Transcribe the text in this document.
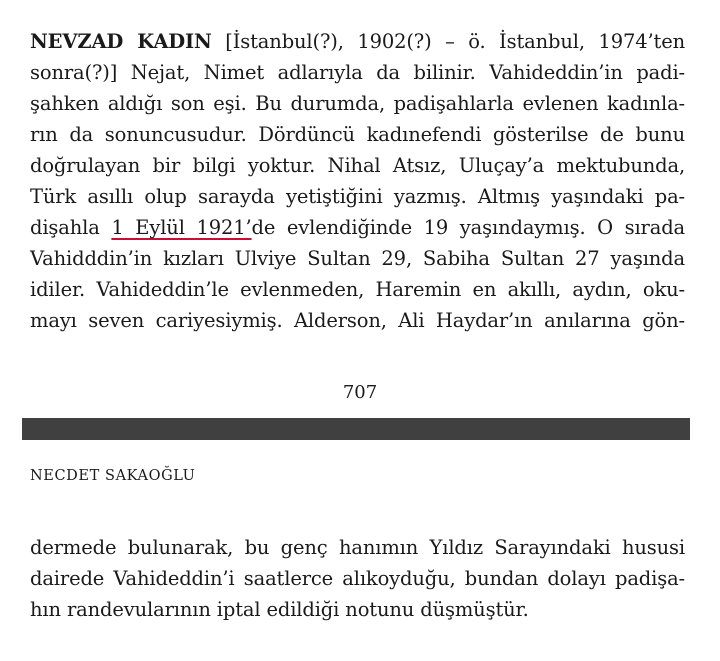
NEVZAD KADIN [İstanbul(?), 1902(?) – ö. İstanbul, 1974’ten
sonra(?)] Nejat, Nimet adlarıyla da bilinir. Vahideddin’in padi-
şahken aldığı son eşi. Bu durumda, padişahlarla evlenen kadınla-
rın da sonuncusudur. Dördüncü kadınefendi gösterilse de bunu
doğrulayan bir bilgi yoktur. Nihal Atsız, Uluçay’a mektubunda,
Türk asıllı olup sarayda yetiştiğini yazmış. Altmış yaşındaki pa-
dişahla 1 Eylül 1921’de evlendiğinde 19 yaşındaymış. O sırada
Vahidddin’in kızları Ulviye Sultan 29, Sabiha Sultan 27 yaşında
idiler. Vahideddin’le evlenmeden, Haremin en akıllı, aydın, oku-
mayı seven cariyesiymiş. Alderson, Ali Haydar’ın anılarına gön-
707
NECDET SAKAOĞLU
dermede bulunarak, bu genç hanımın Yıldız Sarayındaki hususi
dairede Vahideddin’i saatlerce alıkoyduğu, bundan dolayı padişa-
hın randevularının iptal edildiği notunu düşmüştür.
